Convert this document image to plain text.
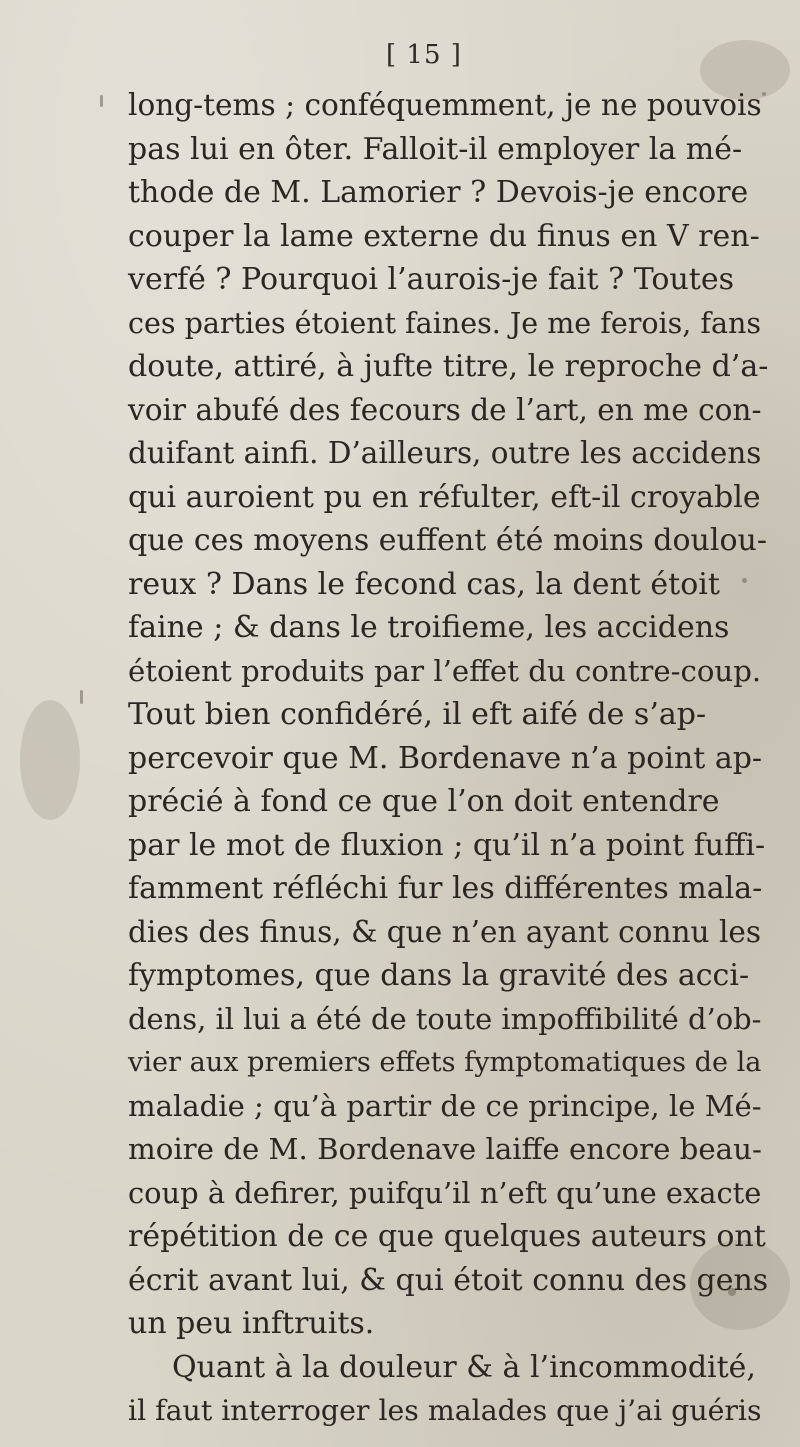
[ 15 ]
long-tems ; conféquemment, je ne pouvois
pas lui en ôter. Falloit-il employer la mé-
thode de M. Lamorier ? Devois-je encore
couper la lame externe du finus en V ren-
verfé ? Pourquoi l’aurois-je fait ? Toutes
ces parties étoient faines. Je me ferois, fans
doute, attiré, à jufte titre, le reproche d’a-
voir abufé des fecours de l’art, en me con-
duifant ainfi. D’ailleurs, outre les accidens
qui auroient pu en réfulter, eft-il croyable
que ces moyens euffent été moins doulou-
reux ? Dans le fecond cas, la dent étoit
faine ; & dans le troifieme, les accidens
étoient produits par l’effet du contre-coup.
Tout bien confidéré, il eft aifé de s’ap-
percevoir que M. Bordenave n’a point ap-
précié à fond ce que l’on doit entendre
par le mot de fluxion ; qu’il n’a point fuffi-
famment réfléchi fur les différentes mala-
dies des finus, & que n’en ayant connu les
fymptomes, que dans la gravité des acci-
dens, il lui a été de toute impoffibilité d’ob-
vier aux premiers effets fymptomatiques de la
maladie ; qu’à partir de ce principe, le Mé-
moire de M. Bordenave laiffe encore beau-
coup à defirer, puifqu’il n’eft qu’une exacte
répétition de ce que quelques auteurs ont
écrit avant lui, & qui étoit connu des gens
un peu inftruits.
Quant à la douleur & à l’incommodité,
il faut interroger les malades que j’ai guéris
